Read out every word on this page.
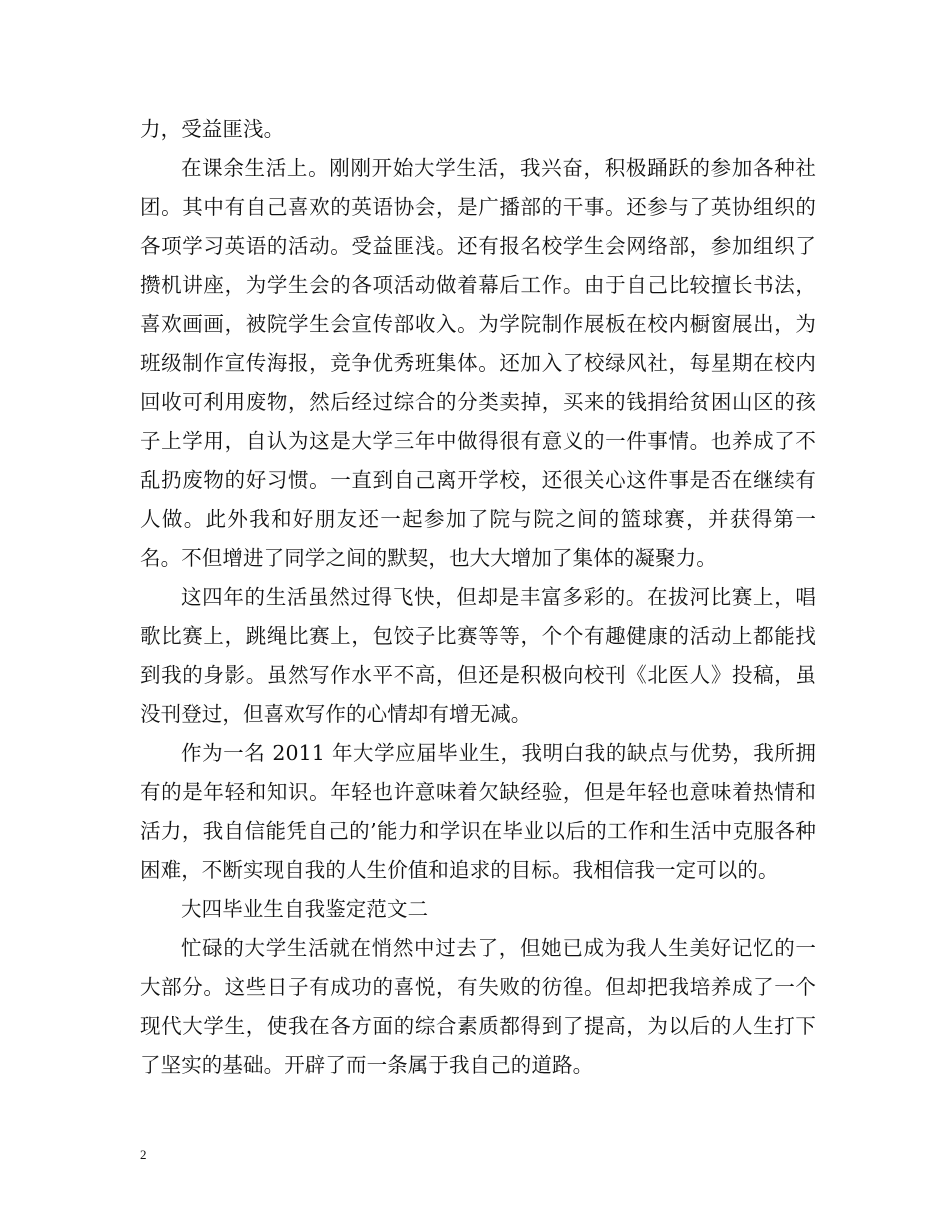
力，受益匪浅。

在课余生活上。刚刚开始大学生活，我兴奋，积极踊跃的参加各种社团。其中有自己喜欢的英语协会，是广播部的干事。还参与了英协组织的各项学习英语的活动。受益匪浅。还有报名校学生会网络部，参加组织了攒机讲座，为学生会的各项活动做着幕后工作。由于自己比较擅长书法，喜欢画画，被院学生会宣传部收入。为学院制作展板在校内橱窗展出，为班级制作宣传海报，竞争优秀班集体。还加入了校绿风社，每星期在校内回收可利用废物，然后经过综合的分类卖掉，买来的钱捐给贫困山区的孩子上学用，自认为这是大学三年中做得很有意义的一件事情。也养成了不乱扔废物的好习惯。一直到自己离开学校，还很关心这件事是否在继续有人做。此外我和好朋友还一起参加了院与院之间的篮球赛，并获得第一名。不但增进了同学之间的默契，也大大增加了集体的凝聚力。

这四年的生活虽然过得飞快，但却是丰富多彩的。在拔河比赛上，唱歌比赛上，跳绳比赛上，包饺子比赛等等，个个有趣健康的活动上都能找到我的身影。虽然写作水平不高，但还是积极向校刊《北医人》投稿，虽没刊登过，但喜欢写作的心情却有增无减。

作为一名 2011 年大学应届毕业生，我明白我的缺点与优势，我所拥有的是年轻和知识。年轻也许意味着欠缺经验，但是年轻也意味着热情和活力，我自信能凭自己的’能力和学识在毕业以后的工作和生活中克服各种困难，不断实现自我的人生价值和追求的目标。我相信我一定可以的。

大四毕业生自我鉴定范文二

忙碌的大学生活就在悄然中过去了，但她已成为我人生美好记忆的一大部分。这些日子有成功的喜悦，有失败的彷徨。但却把我培养成了一个现代大学生，使我在各方面的综合素质都得到了提高，为以后的人生打下了坚实的基础。开辟了而一条属于我自己的道路。

2
